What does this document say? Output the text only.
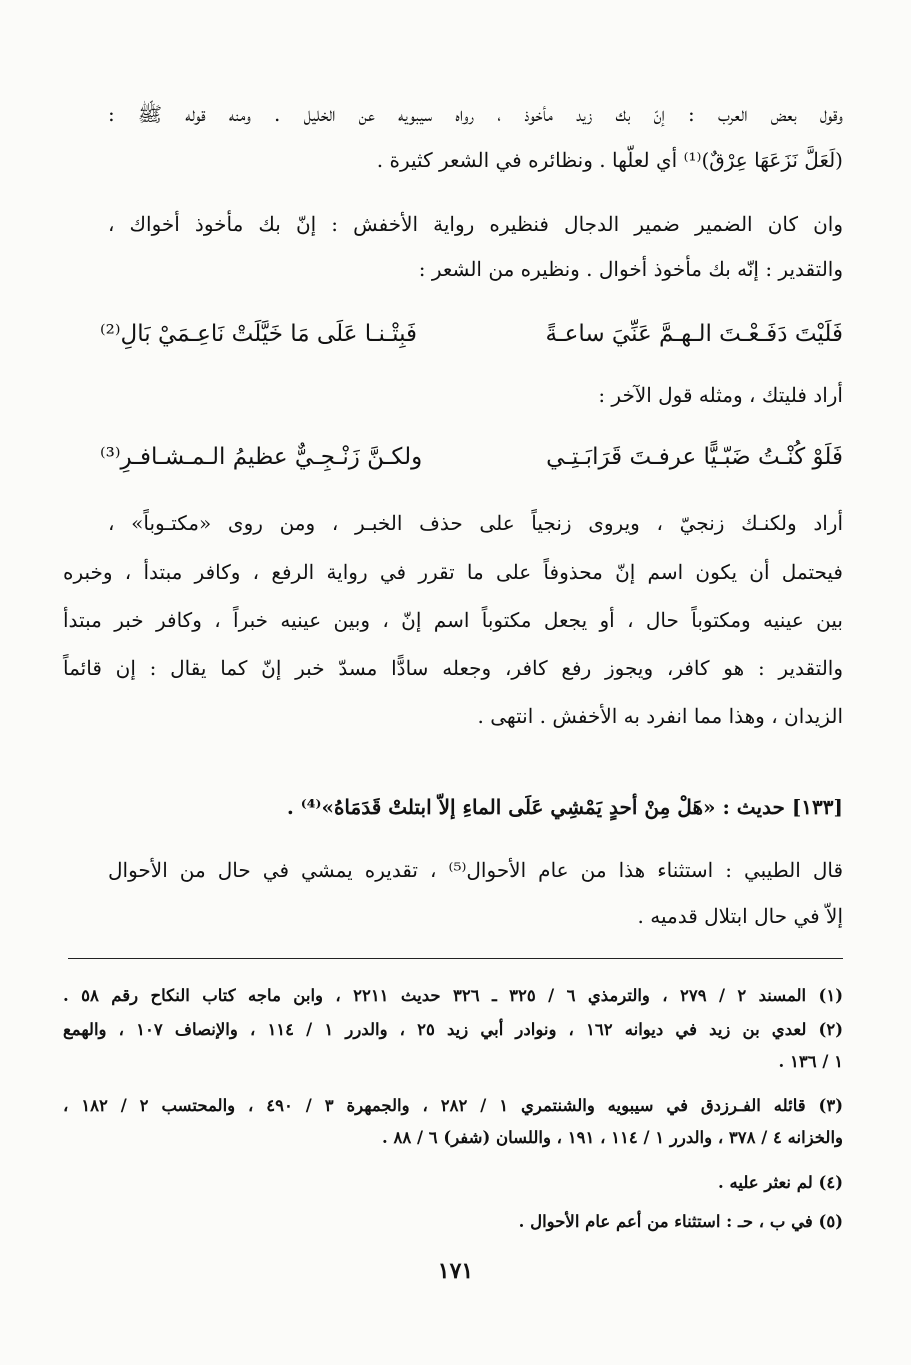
وقول بعض العرب : إنّ بك زيد مأخوذ ، رواه سيبويه عن الخليل . ومنه قوله ﷺ :
(لَعَلَّ نَزَعَهَا عِرْقٌ)⁽¹⁾ أي لعلّها . ونظائره في الشعر كثيرة .
وان كان الضمير ضمير الدجال فنظيره رواية الأخفش : إنّ بك مأخوذ أخواك ،
والتقدير : إنّه بك مأخوذ أخوال . ونظيره من الشعر :
فَلَيْتَ دَفَـعْـتَ الـهـمَّ عَنِّيَ ساعـةً
فَبِتْـنـا عَلَى مَا خَيَّلَتْ نَاعِـمَيْ بَالِ⁽²⁾
أراد فليتك ، ومثله قول الآخر :
فَلَوْ كُنْـتُ ضَبّـيًّا عرفـتَ قَرَابَـتِـي
ولكـنَّ زَنْـجِـيٌّ عظيمُ الـمـشـافـرِ⁽³⁾
أراد ولكنـك زنجيّ ، ويروى زنجياً على حذف الخبـر ، ومن روى «مكتـوباً» ،
فيحتمل أن يكون اسم إنّ محذوفاً على ما تقرر في رواية الرفع ، وكافر مبتدأ ، وخبره
بين عينيه ومكتوباً حال ، أو يجعل مكتوباً اسم إنّ ، وبين عينيه خبراً ، وكافر خبر مبتدأ
والتقدير : هو كافر، ويجوز رفع كافر، وجعله سادًّا مسدّ خبر إنّ كما يقال : إن قائماً
الزيدان ، وهذا مما انفرد به الأخفش . انتهى .
[١٣٣] حديث : «هَلْ مِنْ أحدٍ يَمْشِي عَلَى الماءِ إلاّ ابتلتْ قَدَمَاهُ»⁽⁴⁾ .
قال الطيبي : استثناء هذا من عام الأحوال⁽⁵⁾ ، تقديره يمشي في حال من الأحوال
إلاّ في حال ابتلال قدميه .
(١) المسند ٢ / ٢٧٩ ، والترمذي ٦ / ٣٢٥ ـ ٣٢٦ حديث ٢٢١١ ، وابن ماجه كتاب النكاح رقم ٥٨ .
(٢) لعدي بن زيد في ديوانه ١٦٢ ، ونوادر أبي زيد ٢٥ ، والدرر ١ / ١١٤ ، والإنصاف ١٠٧ ، والهمع
١ / ١٣٦ .
(٣) قائله الفـرزدق في سيبويه والشنتمري ١ / ٢٨٢ ، والجمهرة ٣ / ٤٩٠ ، والمحتسب ٢ / ١٨٢ ،
والخزانه ٤ / ٣٧٨ ، والدرر ١ / ١١٤ ، ١٩١ ، واللسان (شفر) ٦ / ٨٨ .
(٤) لم نعثر عليه .
(٥) في ب ، حـ : استثناء من أعم عام الأحوال .
١٧١
